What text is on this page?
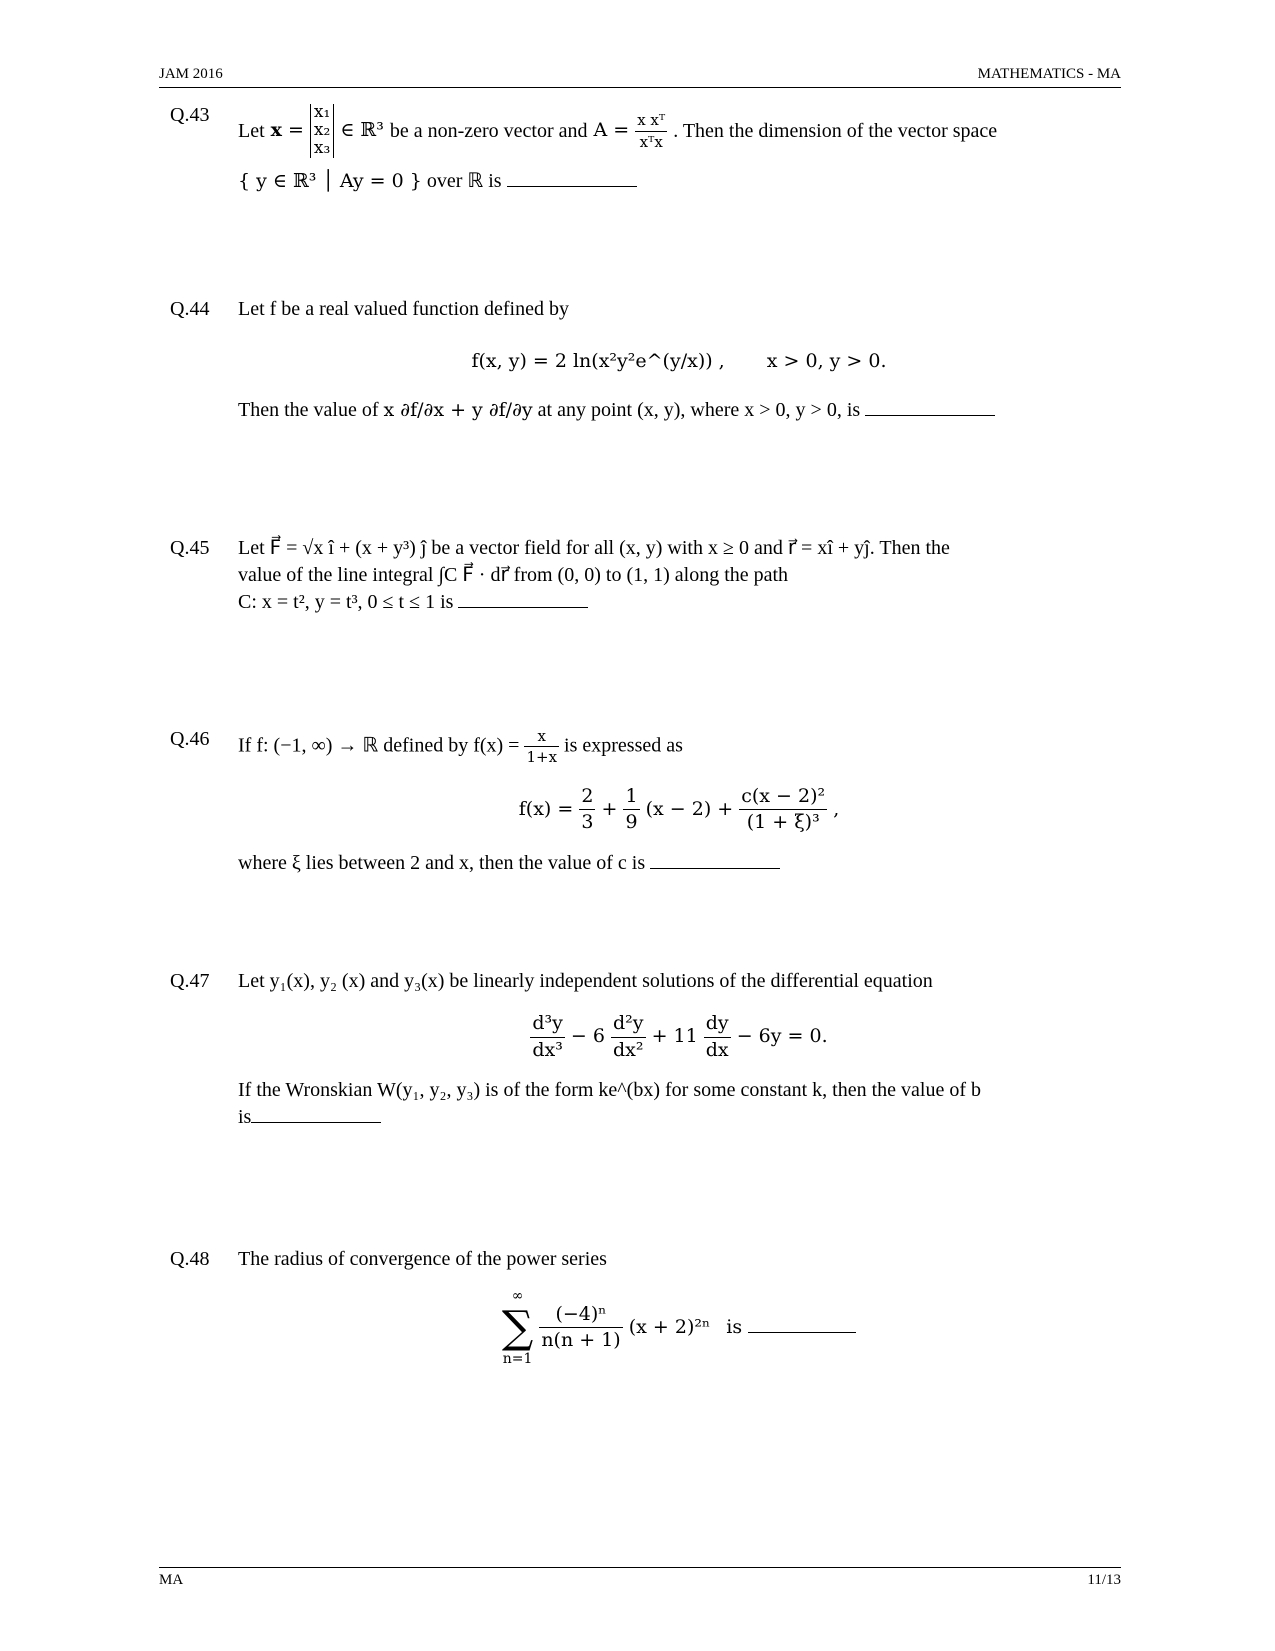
JAM 2016	MATHEMATICS - MA
Q.43
Let x =
x₁
x₂
x₃
∈ ℝ³ be a non-zero vector and $A = \frac{\text{x xᵀ}}{\text{xᵀx}}$ . Then the dimension of the vector space
{ y ∈ ℝ³ │ Ay = 0 } over ℝ is
Q.44 Let f be a real valued function defined by
f(x, y) = 2 ln(x²y²e^(y/x)) , x > 0, y > 0.
Then the value of x ∂f/∂x + y ∂f/∂y at any point (x, y), where x > 0, y > 0, is
Q.45 Let F⃗ = √x î + (x + y³) ĵ be a vector field for all (x, y) with x ≥ 0 and r⃗ = xî + yĵ. Then the
value of the line integral ∫C F⃗ · dr⃗ from (0, 0) to (1, 1) along the path
C: x = t², y = t³, 0 ≤ t ≤ 1 is
Q.46 If f: (−1, ∞) → ℝ defined by $f(x) = \frac{x}{1+x}$ is expressed as
$f(x) = \frac{2}{3} + \frac{1}{9} (x - 2) + \frac{\text{c(x − 2)²}}{\text{(1 + ξ)³}}$ ,
where ξ lies between 2 and x, then the value of c is
Q.47 Let y₁(x), y₂ (x) and y₃(x) be linearly independent solutions of the differential equation
$\frac{\text{d³y}}{\text{dx³}} - 6 \frac{\text{d²y}}{\text{dx²}} + 11 \frac{dy}{dx} - 6y = 0$.
If the Wronskian W(y₁, y₂, y₃) is of the form ke^(bx) for some constant k, then the value of b
is
Q.48 The radius of convergence of the power series
∞
∑
n=1

$\frac{\text{(−4)ⁿ}}{n(n + 1)} (x + 2)^{2n}$ is
MA	11/13
